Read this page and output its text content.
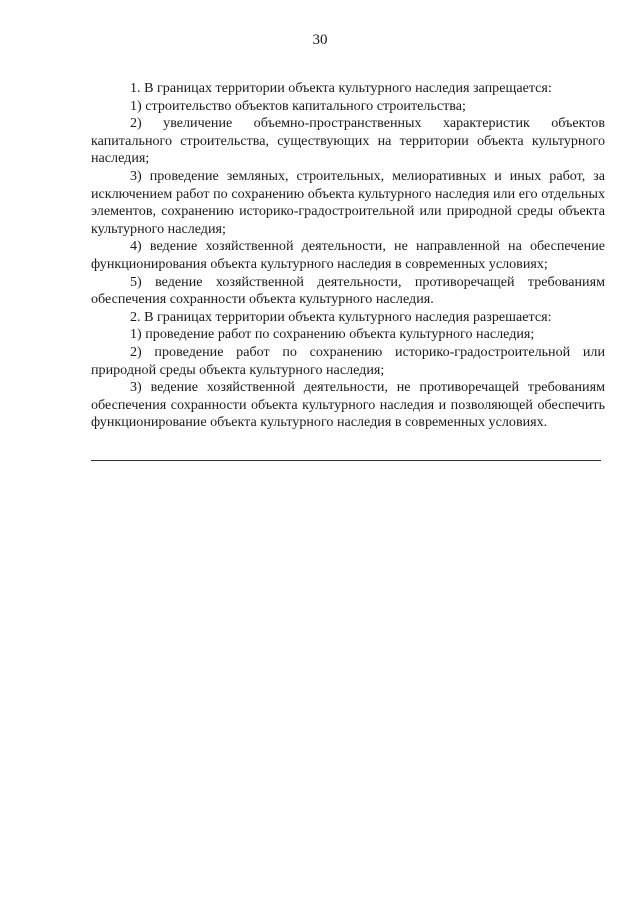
30

1. В границах территории объекта культурного наследия запрещается:

1) строительство объектов капитального строительства;

2) увеличение объемно-пространственных характеристик объектов капитального строительства, существующих на территории объекта культурного наследия;

3) проведение земляных, строительных, мелиоративных и иных работ, за исключением работ по сохранению объекта культурного наследия или его отдельных элементов, сохранению историко-градостроительной или природной среды объекта культурного наследия;

4) ведение хозяйственной деятельности, не направленной на обеспечение функционирования объекта культурного наследия в современных условиях;

5) ведение хозяйственной деятельности, противоречащей требованиям обеспечения сохранности объекта культурного наследия.

2. В границах территории объекта культурного наследия разрешается:

1) проведение работ по сохранению объекта культурного наследия;

2) проведение работ по сохранению историко-градостроительной или природной среды объекта культурного наследия;

3) ведение хозяйственной деятельности, не противоречащей требованиям обеспечения сохранности объекта культурного наследия и позволяющей обеспечить функционирование объекта культурного наследия в современных условиях.
